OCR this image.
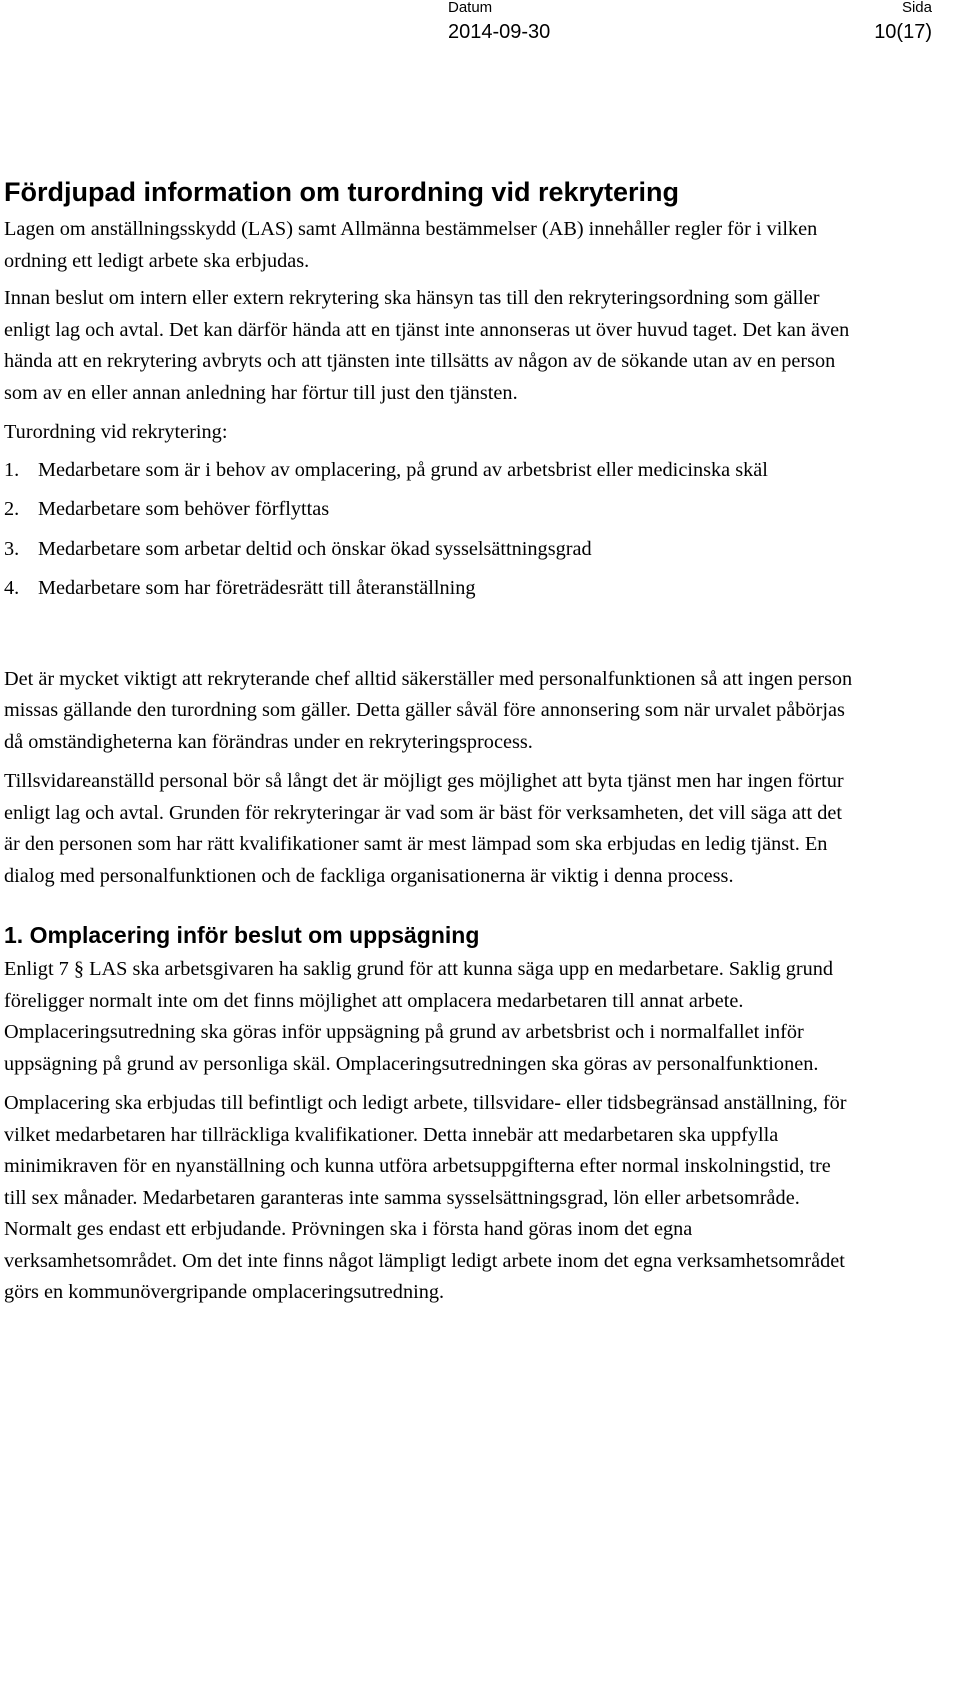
Datum
2014-09-30
Sida
10(17)
Fördjupad information om turordning vid rekrytering

Lagen om anställningsskydd (LAS) samt Allmänna bestämmelser (AB) innehåller regler för i vilken ordning ett ledigt arbete ska erbjudas.

Innan beslut om intern eller extern rekrytering ska hänsyn tas till den rekryteringsordning som gäller enligt lag och avtal. Det kan därför hända att en tjänst inte annonseras ut över huvud taget. Det kan även hända att en rekrytering avbryts och att tjänsten inte tillsätts av någon av de sökande utan av en person som av en eller annan anledning har förtur till just den tjänsten.

Turordning vid rekrytering:

1. Medarbetare som är i behov av omplacering, på grund av arbetsbrist eller medicinska skäl
2. Medarbetare som behöver förflyttas
3. Medarbetare som arbetar deltid och önskar ökad sysselsättningsgrad
4. Medarbetare som har företrädesrätt till återanställning

Det är mycket viktigt att rekryterande chef alltid säkerställer med personalfunktionen så att ingen person missas gällande den turordning som gäller. Detta gäller såväl före annonsering som när urvalet påbörjas då omständigheterna kan förändras under en rekryteringsprocess.

Tillsvidareanställd personal bör så långt det är möjligt ges möjlighet att byta tjänst men har ingen förtur enligt lag och avtal. Grunden för rekryteringar är vad som är bäst för verksamheten, det vill säga att det är den personen som har rätt kvalifikationer samt är mest lämpad som ska erbjudas en ledig tjänst. En dialog med personalfunktionen och de fackliga organisationerna är viktig i denna process.

1. Omplacering inför beslut om uppsägning

Enligt 7 § LAS ska arbetsgivaren ha saklig grund för att kunna säga upp en medarbetare. Saklig grund föreligger normalt inte om det finns möjlighet att omplacera medarbetaren till annat arbete. Omplaceringsutredning ska göras inför uppsägning på grund av arbetsbrist och i normalfallet inför uppsägning på grund av personliga skäl. Omplaceringsutredningen ska göras av personalfunktionen.

Omplacering ska erbjudas till befintligt och ledigt arbete, tillsvidare- eller tidsbegränsad anställning, för vilket medarbetaren har tillräckliga kvalifikationer. Detta innebär att medarbetaren ska uppfylla minimikraven för en nyanställning och kunna utföra arbetsuppgifterna efter normal inskolningstid, tre till sex månader. Medarbetaren garanteras inte samma sysselsättningsgrad, lön eller arbetsområde. Normalt ges endast ett erbjudande. Prövningen ska i första hand göras inom det egna verksamhetsområdet. Om det inte finns något lämpligt ledigt arbete inom det egna verksamhetsområdet görs en kommunövergripande omplaceringsutredning.
